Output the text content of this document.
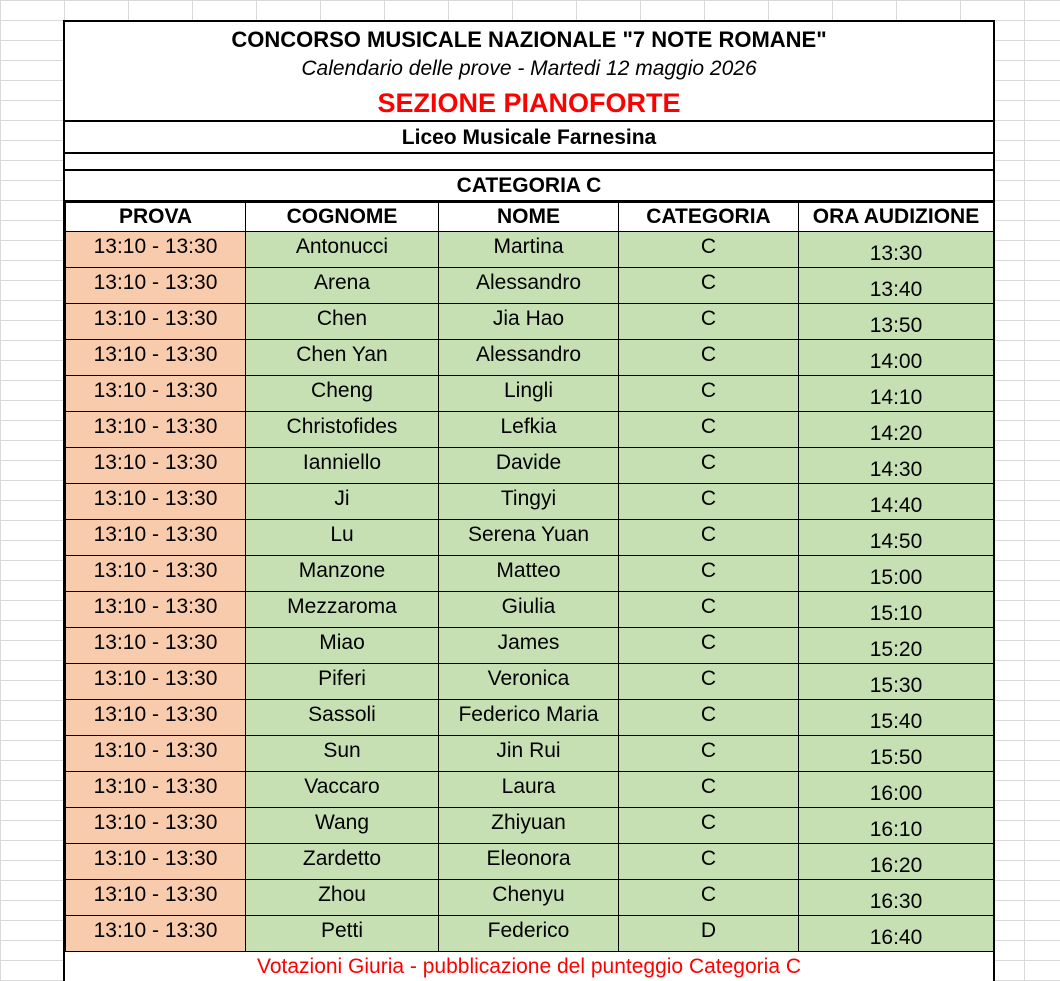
CONCORSO MUSICALE NAZIONALE "7 NOTE ROMANE"
Calendario delle prove - Martedi 12 maggio 2026
SEZIONE PIANOFORTE
Liceo Musicale Farnesina
CATEGORIA C
PROVA	COGNOME	NOME	CATEGORIA	ORA AUDIZIONE
13:10 - 13:30	Antonucci	Martina	C	13:30
13:10 - 13:30	Arena	Alessandro	C	13:40
13:10 - 13:30	Chen	Jia Hao	C	13:50
13:10 - 13:30	Chen Yan	Alessandro	C	14:00
13:10 - 13:30	Cheng	Lingli	C	14:10
13:10 - 13:30	Christofides	Lefkia	C	14:20
13:10 - 13:30	Ianniello	Davide	C	14:30
13:10 - 13:30	Ji	Tingyi	C	14:40
13:10 - 13:30	Lu	Serena Yuan	C	14:50
13:10 - 13:30	Manzone	Matteo	C	15:00
13:10 - 13:30	Mezzaroma	Giulia	C	15:10
13:10 - 13:30	Miao	James	C	15:20
13:10 - 13:30	Piferi	Veronica	C	15:30
13:10 - 13:30	Sassoli	Federico Maria	C	15:40
13:10 - 13:30	Sun	Jin Rui	C	15:50
13:10 - 13:30	Vaccaro	Laura	C	16:00
13:10 - 13:30	Wang	Zhiyuan	C	16:10
13:10 - 13:30	Zardetto	Eleonora	C	16:20
13:10 - 13:30	Zhou	Chenyu	C	16:30
13:10 - 13:30	Petti	Federico	D	16:40
Votazioni Giuria - pubblicazione del punteggio Categoria C
